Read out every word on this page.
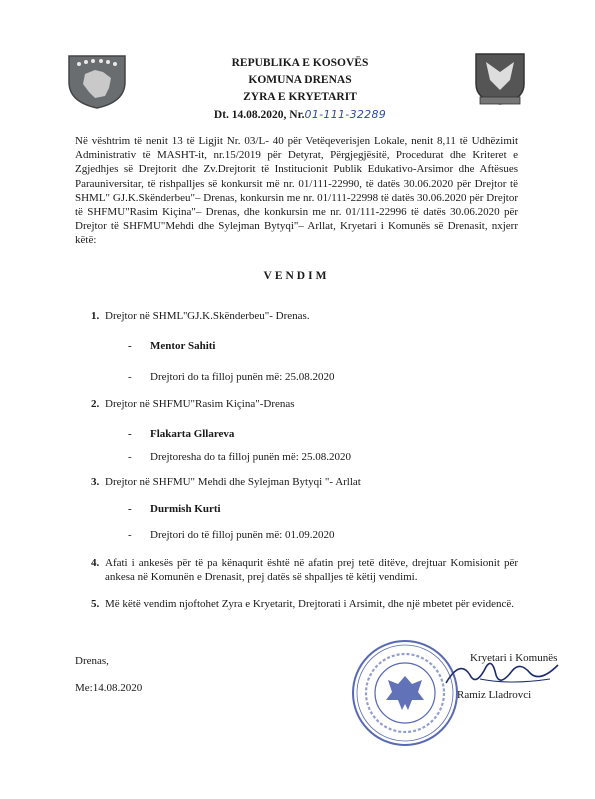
REPUBLIKA E KOSOVËS
KOMUNA DRENAS
ZYRA E KRYETARIT
Dt. 14.08.2020, Nr.01-111-32289
Në vështrim të nenit 13 të Ligjit Nr. 03/L- 40 për Vetëqeverisjen Lokale, nenit 8,11 të Udhëzimit Administrativ të MASHT-it, nr.15/2019 për Detyrat, Përgjegjësitë, Procedurat dhe Kriteret e Zgjedhjes së Drejtorit dhe Zv.Drejtorit të Institucionit Publik Edukativo-Arsimor dhe Aftësues Parauniversitar, të rishpalljes së konkursit më nr. 01/111-22990, të datës 30.06.2020 për Drejtor të SHML" GJ.K.Skënderbeu"– Drenas, konkursin me nr. 01/111-22998 të datës 30.06.2020 për Drejtor të SHFMU"Rasim Kiçina"– Drenas, dhe konkursin me nr. 01/111-22996 të datës 30.06.2020 për Drejtor të SHFMU"Mehdi dhe Sylejman Bytyqi"– Arllat, Kryetari i Komunës së Drenasit, nxjerr këtë:
VENDIM
1. Drejtor në SHML''GJ.K.Skënderbeu"- Drenas.
- Mentor Sahiti
- Drejtori do ta filloj punën më: 25.08.2020
2. Drejtor në SHFMU"Rasim Kiçina"-Drenas
- Flakarta Gllareva
- Drejtoresha do ta filloj punën më: 25.08.2020
3. Drejtor në SHFMU" Mehdi dhe Sylejman Bytyqi "- Arllat
- Durmish Kurti
- Drejtori do të filloj punën më: 01.09.2020
4. Afati i ankesës për të pa kënaqurit është në afatin prej tetë ditëve, drejtuar Komisionit për ankesa në Komunën e Drenasit, prej datës së shpalljes të këtij vendimi.
5. Më këtë vendim njoftohet Zyra e Kryetarit, Drejtorati i Arsimit, dhe një mbetet për evidencë.
Drenas,
Me:14.08.2020
Kryetari i Komunës
Ramiz Lladrovci
